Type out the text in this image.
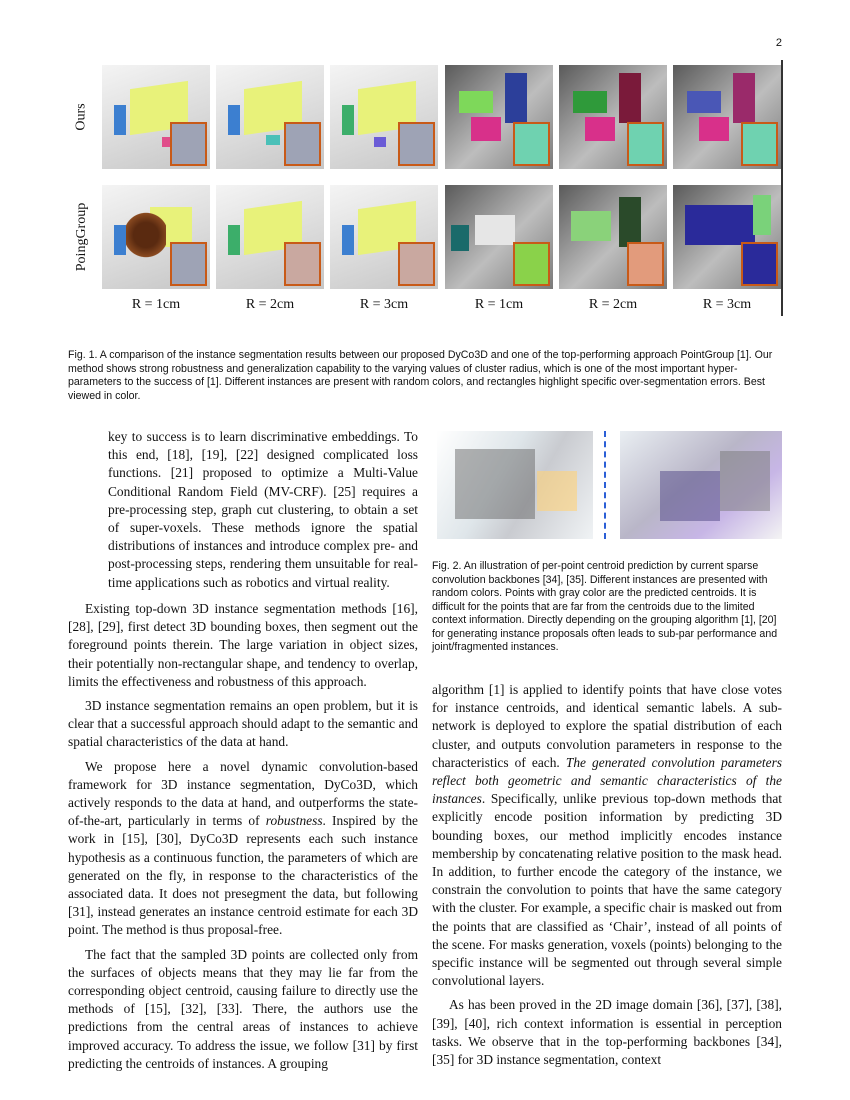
2
Ours
PoingGroup
R = 1cm	R = 2cm	R = 3cm	R = 1cm	R = 2cm	R = 3cm
Fig. 1. A comparison of the instance segmentation results between our proposed DyCo3D and one of the top-performing approach PointGroup [1]. Our method shows strong robustness and generalization capability to the varying values of cluster radius, which is one of the most important hyper-parameters to the success of [1]. Different instances are present with random colors, and rectangles highlight specific over-segmentation errors. Best viewed in color.
Fig. 2. An illustration of per-point centroid prediction by current sparse convolution backbones [34], [35]. Different instances are presented with random colors. Points with gray color are the predicted centroids. It is difficult for the points that are far from the centroids due to the limited context information. Directly depending on the grouping algorithm [1], [20] for generating instance proposals often leads to sub-par performance and joint/fragmented instances.

key to success is to learn discriminative embeddings. To this end, [18], [19], [22] designed complicated loss functions. [21] proposed to optimize a Multi-Value Conditional Random Field (MV-CRF). [25] requires a pre-processing step, graph cut clustering, to obtain a set of super-voxels. These methods ignore the spatial distributions of instances and introduce complex pre- and post-processing steps, rendering them unsuitable for real-time applications such as robotics and virtual reality.

Existing top-down 3D instance segmentation methods [16], [28], [29], first detect 3D bounding boxes, then segment out the foreground points therein. The large variation in object sizes, their potentially non-rectangular shape, and tendency to overlap, limits the effectiveness and robustness of this approach.

3D instance segmentation remains an open problem, but it is clear that a successful approach should adapt to the semantic and spatial characteristics of the data at hand.

We propose here a novel dynamic convolution-based framework for 3D instance segmentation, DyCo3D, which actively responds to the data at hand, and outperforms the state-of-the-art, particularly in terms of robustness. Inspired by the work in [15], [30], DyCo3D represents each such instance hypothesis as a continuous function, the parameters of which are generated on the fly, in response to the characteristics of the associated data. It does not presegment the data, but following [31], instead generates an instance centroid estimate for each 3D point. The method is thus proposal-free.

The fact that the sampled 3D points are collected only from the surfaces of objects means that they may lie far from the corresponding object centroid, causing failure to directly use the methods of [15], [32], [33]. There, the authors use the predictions from the central areas of instances to achieve improved accuracy. To address the issue, we follow [31] by first predicting the centroids of instances. A grouping

algorithm [1] is applied to identify points that have close votes for instance centroids, and identical semantic labels. A sub-network is deployed to explore the spatial distribution of each cluster, and outputs convolution parameters in response to the characteristics of each. The generated convolution parameters reflect both geometric and semantic characteristics of the instances. Specifically, unlike previous top-down methods that explicitly encode position information by predicting 3D bounding boxes, our method implicitly encodes instance membership by concatenating relative position to the mask head. In addition, to further encode the category of the instance, we constrain the convolution to points that have the same category with the cluster. For example, a specific chair is masked out from the points that are classified as ‘Chair’, instead of all points of the scene. For masks generation, voxels (points) belonging to the specific instance will be segmented out through several simple convolutional layers.

As has been proved in the 2D image domain [36], [37], [38], [39], [40], rich context information is essential in perception tasks. We observe that in the top-performing backbones [34], [35] for 3D instance segmentation, context
